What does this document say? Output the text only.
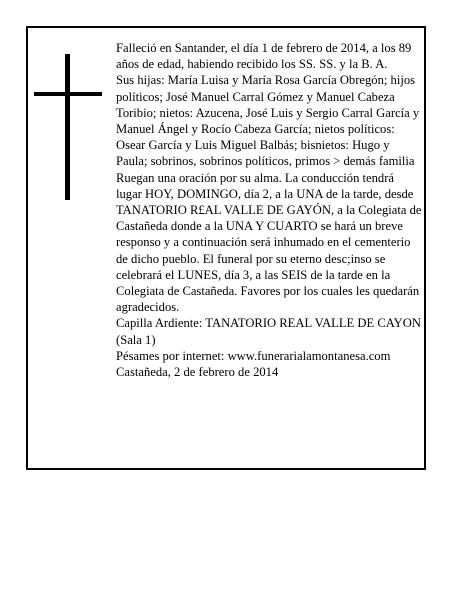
Falleció en Santander, el día 1 de febrero de 2014, a los 89 años de edad, habiendo recibido los SS. SS. y la B. A.

Sus hijas: María Luisa y María Rosa García Obregón; hijos políticos; José Manuel Carral Gómez y Manuel Cabeza Toribio; nietos: Azucena, José Luis y Sergio Carral García y Manuel Ángel y Rocío Cabeza García; nietos políticos: Osear García y Luis Miguel Balbás; bisnietos: Hugo y Paula; sobrinos, sobrinos políticos, primos > demás familia

Ruegan una oración por su alma. La conducción tendrá lugar HOY, DOMINGO, día 2, a la UNA de la tarde, desde TANATORIO R£AL VALLE DE GAYÓN, a la Colegiata de Castañeda donde a la UNA Y CUARTO se hará un breve responso y a continuación será inhumado en el cementerio de dicho pueblo. El funeral por su eterno desc;inso se celebrará el LUNES, día 3, a las SEIS de la tarde en la Colegiata de Castañeda. Favores por los cuales les quedarán agradecidos.

Capilla Ardiente: TANATORIO REAL VALLE DE CAYON (Sala 1)

Pésames por internet: www.funerarialamontanesa.com

Castañeda, 2 de febrero de 2014
